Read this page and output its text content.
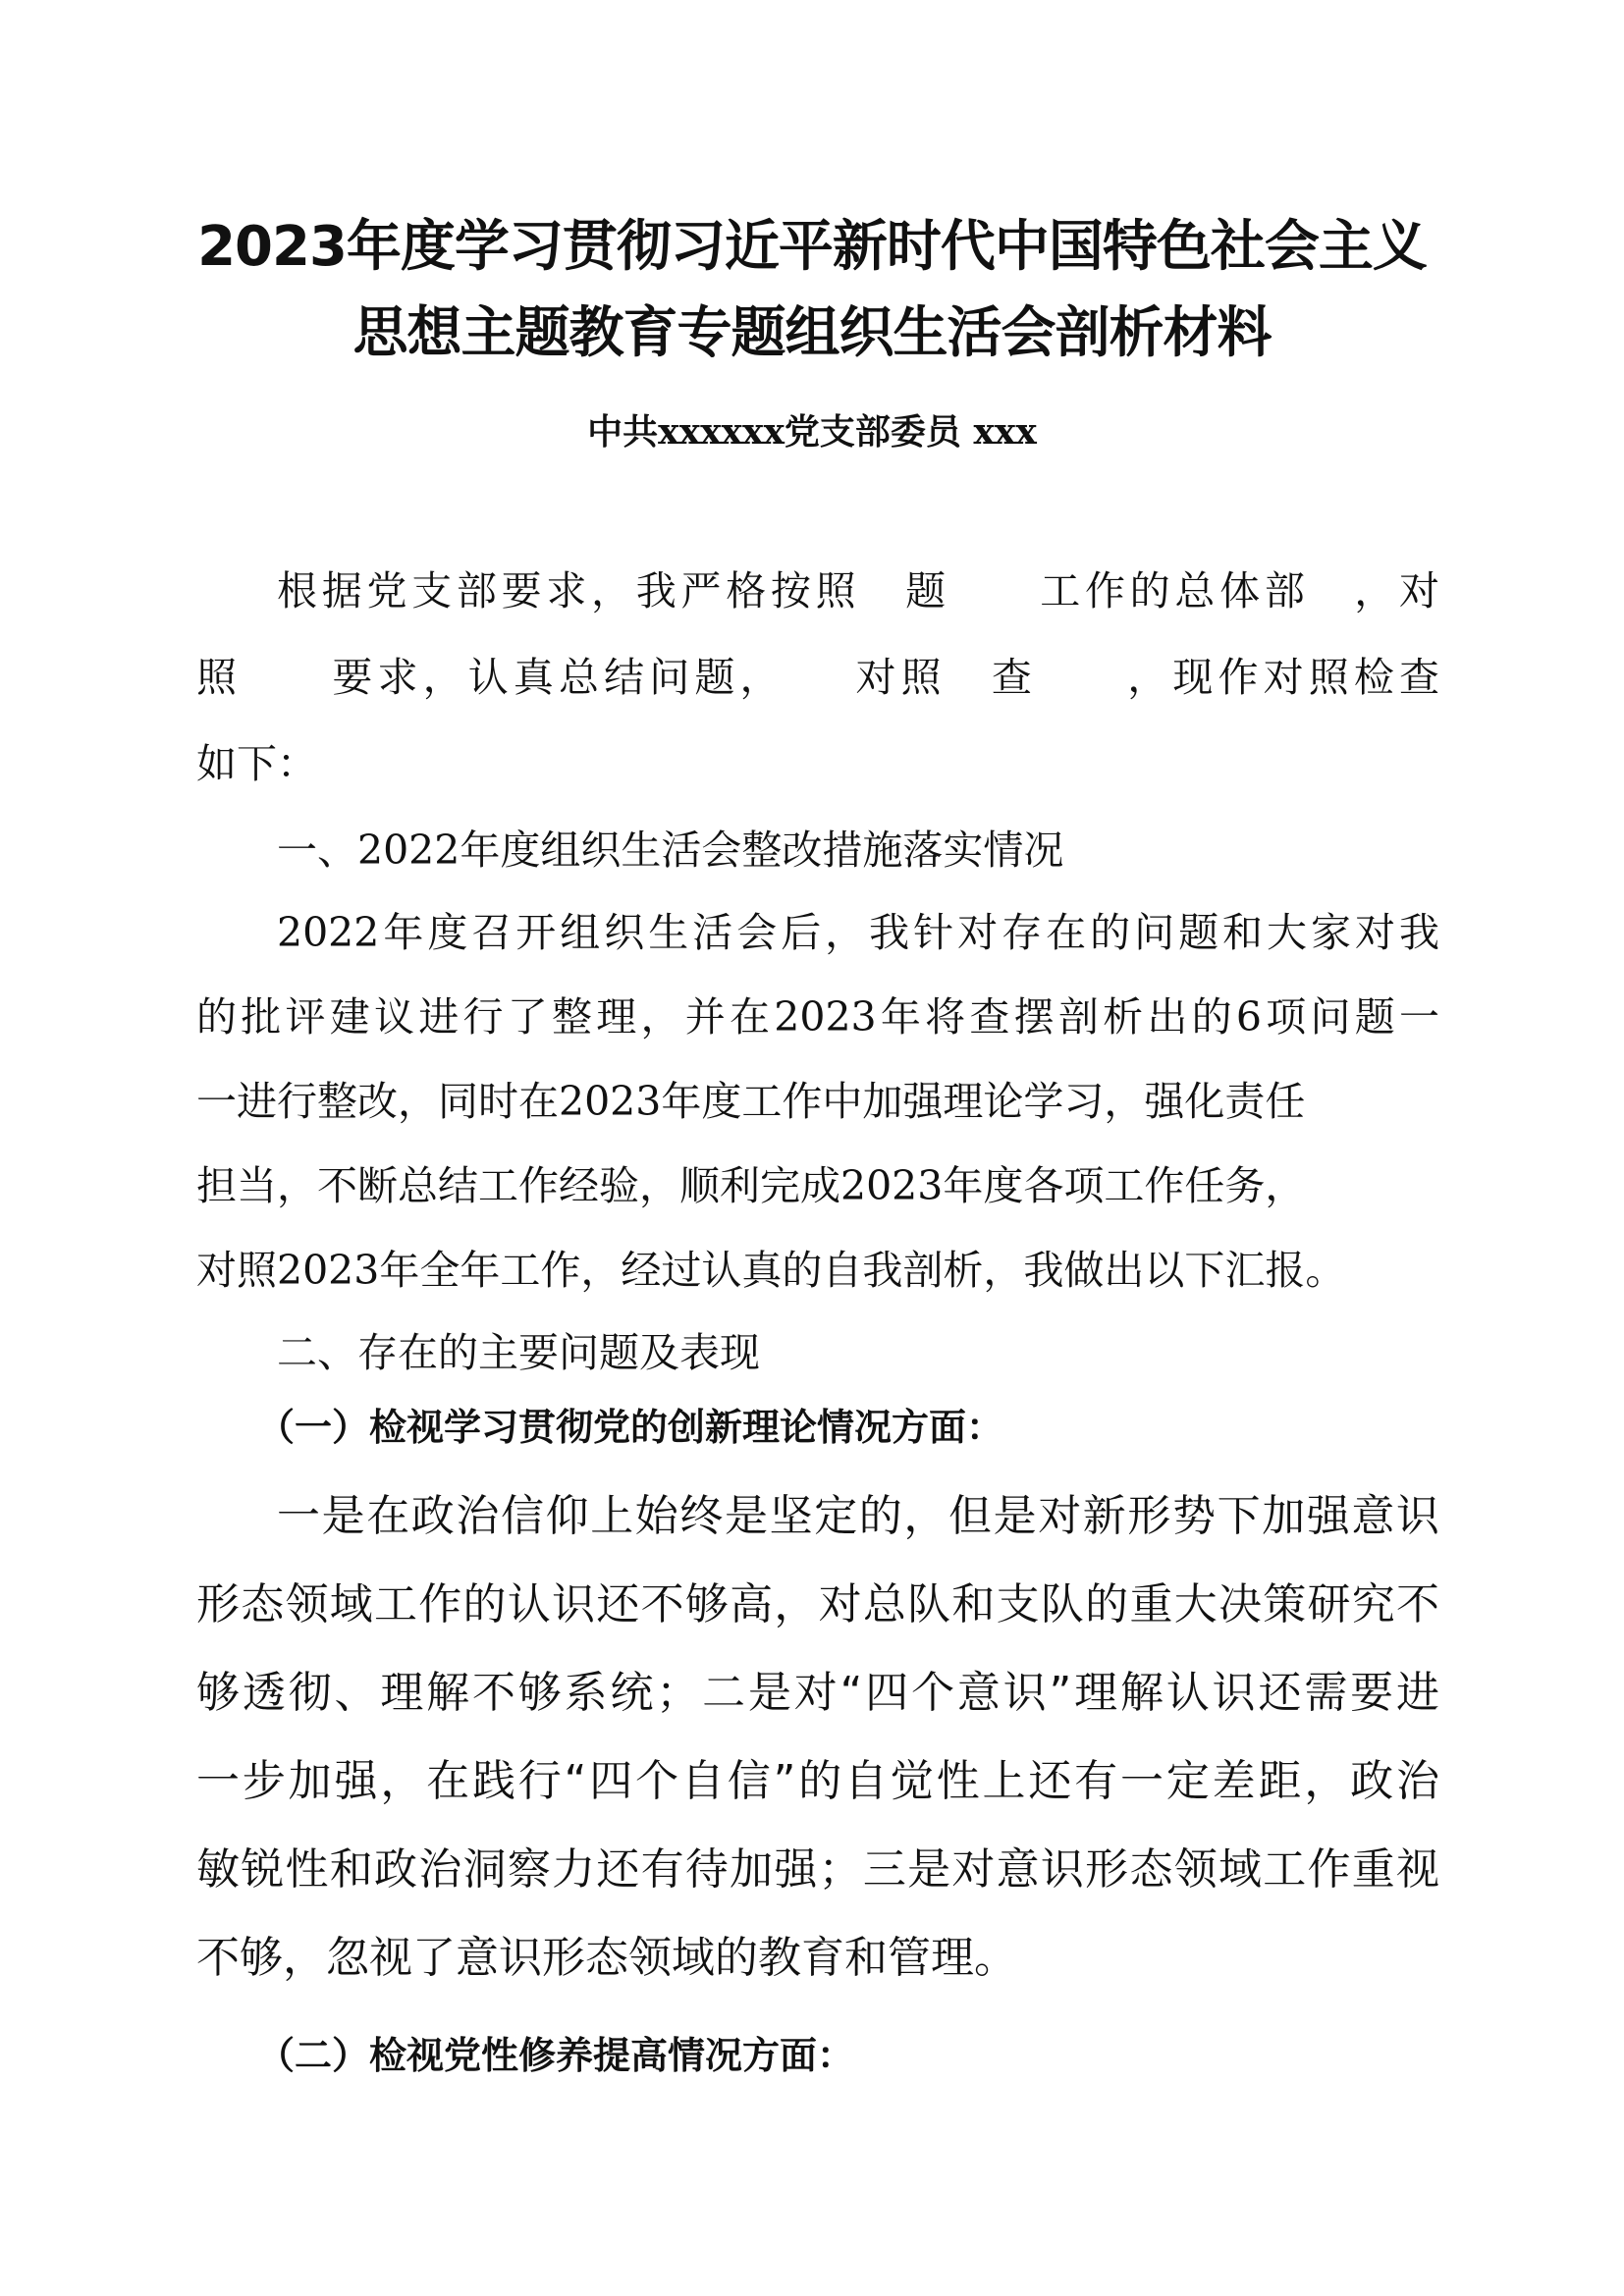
2023年度学习贯彻习近平新时代中国特色社会主义
思想主题教育专题组织生活会剖析材料
中共xxxxxx党支部委员 xxx
根据党支部要求，我严格按照　题　　工作的总体部　，对
照　　要求，认真总结问题，　　对照　查　　，现作对照检查
如下：
一、2022年度组织生活会整改措施落实情况
2022年度召开组织生活会后，我针对存在的问题和大家对我
的批评建议进行了整理，并在2023年将查摆剖析出的6项问题一
一进行整改，同时在2023年度工作中加强理论学习，强化责任
担当，不断总结工作经验，顺利完成2023年度各项工作任务，
对照2023年全年工作，经过认真的自我剖析，我做出以下汇报。
二、存在的主要问题及表现
（一）检视学习贯彻党的创新理论情况方面：
一是在政治信仰上始终是坚定的，但是对新形势下加强意识
形态领域工作的认识还不够高，对总队和支队的重大决策研究不
够透彻、理解不够系统；二是对“四个意识”理解认识还需要进
一步加强，在践行“四个自信”的自觉性上还有一定差距，政治
敏锐性和政治洞察力还有待加强；三是对意识形态领域工作重视
不够，忽视了意识形态领域的教育和管理。
（二）检视党性修养提高情况方面：
